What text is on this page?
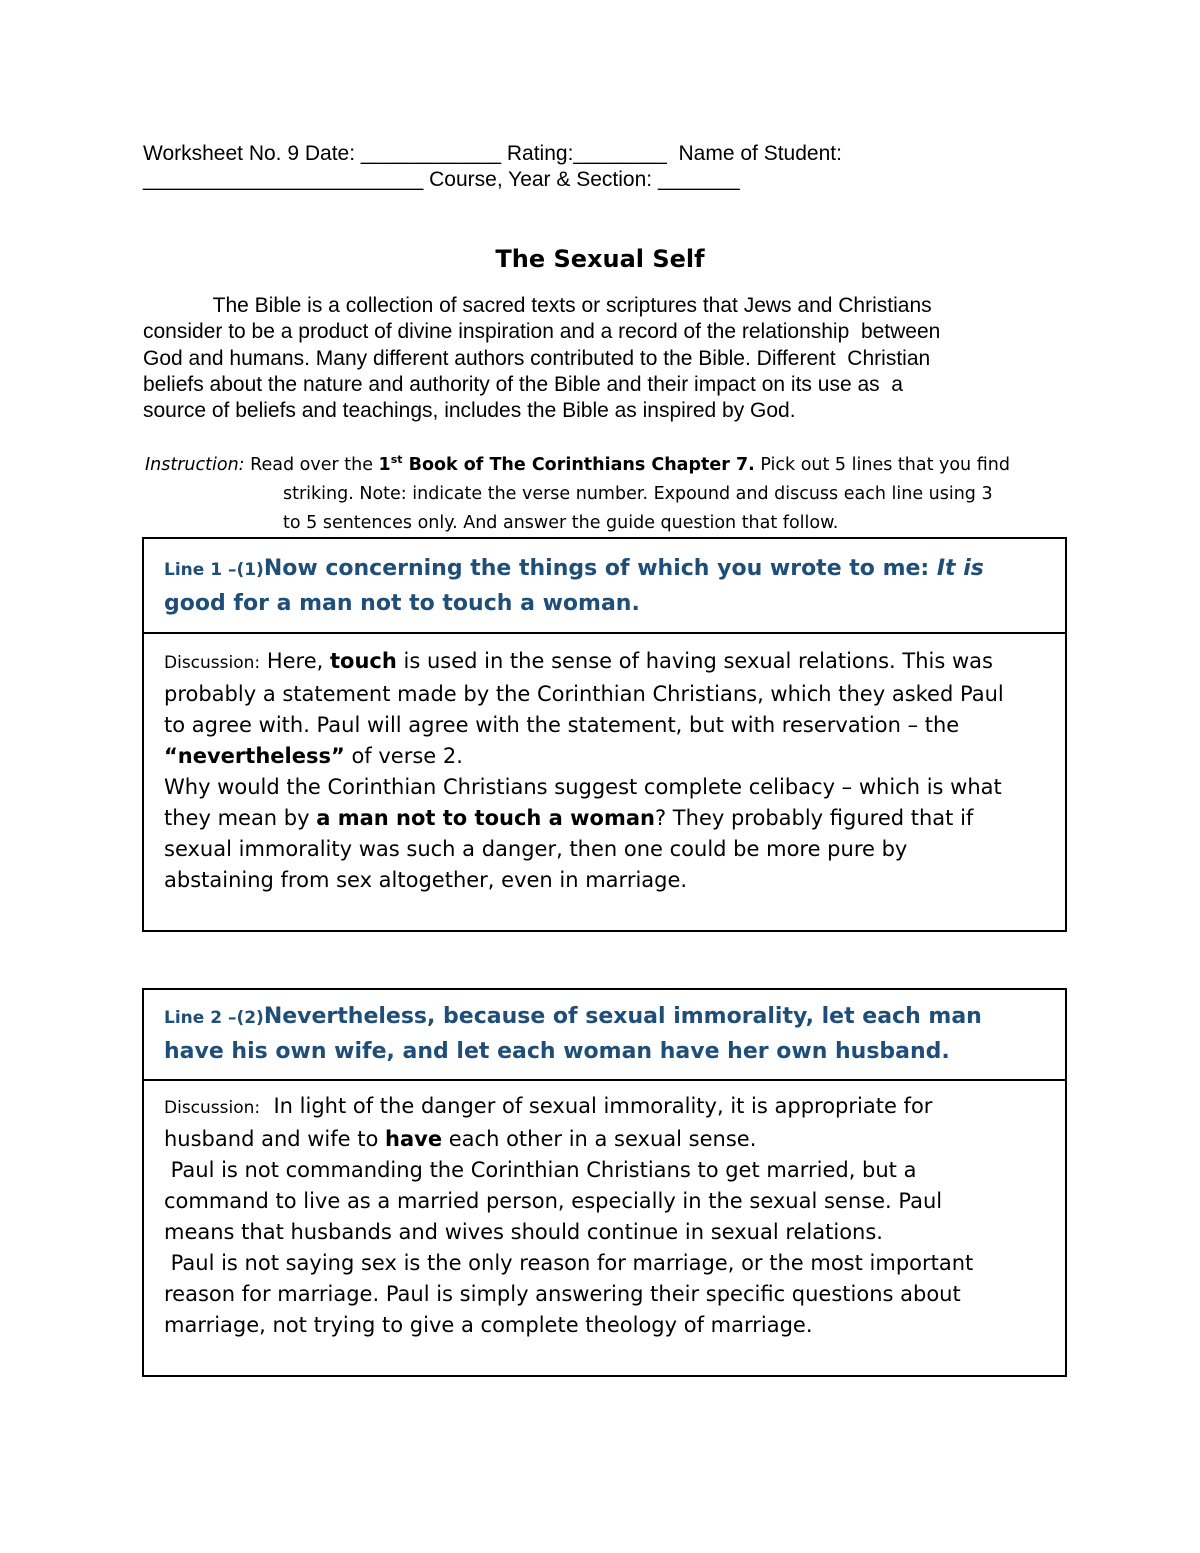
Worksheet No. 9 Date: ____________ Rating:________  Name of Student:
________________________ Course, Year & Section: _______
The Sexual Self
The Bible is a collection of sacred texts or scriptures that Jews and Christians
consider to be a product of divine inspiration and a record of the relationship  between
God and humans. Many different authors contributed to the Bible. Different  Christian
beliefs about the nature and authority of the Bible and their impact on its use as  a
source of beliefs and teachings, includes the Bible as inspired by God.
Instruction: Read over the 1st Book of The Corinthians Chapter 7. Pick out 5 lines that you find
striking. Note: indicate the verse number. Expound and discuss each line using 3
to 5 sentences only. And answer the guide question that follow.
Line 1 –(1)Now concerning the things of which you wrote to me: It is
good for a man not to touch a woman.
Discussion: Here, touch is used in the sense of having sexual relations. This was
probably a statement made by the Corinthian Christians, which they asked Paul
to agree with. Paul will agree with the statement, but with reservation – the
“nevertheless” of verse 2.
Why would the Corinthian Christians suggest complete celibacy – which is what
they mean by a man not to touch a woman? They probably figured that if
sexual immorality was such a danger, then one could be more pure by
abstaining from sex altogether, even in marriage.
Line 2 –(2)Nevertheless, because of sexual immorality, let each man
have his own wife, and let each woman have her own husband.
Discussion:  In light of the danger of sexual immorality, it is appropriate for
husband and wife to have each other in a sexual sense.
Paul is not commanding the Corinthian Christians to get married, but a
command to live as a married person, especially in the sexual sense. Paul
means that husbands and wives should continue in sexual relations.
Paul is not saying sex is the only reason for marriage, or the most important
reason for marriage. Paul is simply answering their specific questions about
marriage, not trying to give a complete theology of marriage.
